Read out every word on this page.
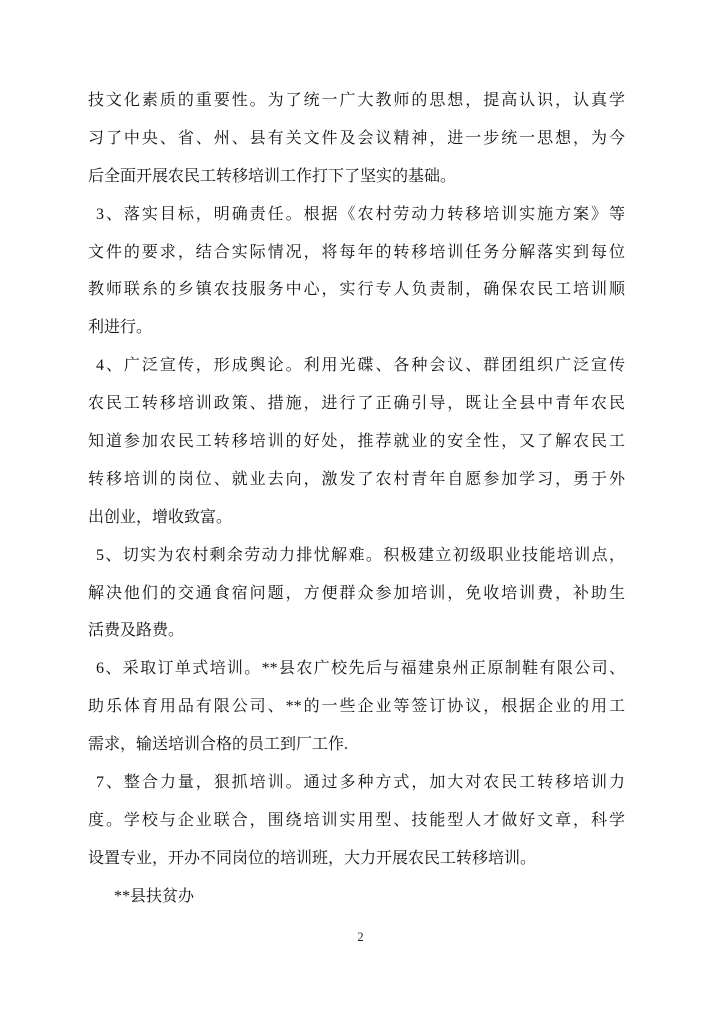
技文化素质的重要性。为了统一广大教师的思想，提高认识，认真学
习了中央、省、州、县有关文件及会议精神，进一步统一思想，为今
后全面开展农民工转移培训工作打下了坚实的基础。
3、落实目标，明确责任。根据《农村劳动力转移培训实施方案》等
文件的要求，结合实际情况，将每年的转移培训任务分解落实到每位
教师联糸的乡镇农技服务中心，实行专人负责制，确保农民工培训顺
利进行。
4、广泛宣传，形成舆论。利用光碟、各种会议、群团组织广泛宣传
农民工转移培训政策、措施，进行了正确引导，既让全县中青年农民
知道参加农民工转移培训的好处，推荐就业的安全性，又了解农民工
转移培训的岗位、就业去向，激发了农村青年自愿参加学习，勇于外
出创业，增收致富。
5、切实为农村剩余劳动力排忧解难。积极建立初级职业技能培训点，
解决他们的交通食宿问题，方便群众参加培训，免收培训费，补助生
活费及路费。
6、采取订单式培训。**县农广校先后与福建泉州正原制鞋有限公司、
助乐体育用品有限公司、**的一些企业等签订协议，根据企业的用工
需求，输送培训合格的员工到厂工作.
7、整合力量，狠抓培训。通过多种方式，加大对农民工转移培训力
度。学校与企业联合，围绕培训实用型、技能型人才做好文章，科学
设置专业，开办不同岗位的培训班，大力开展农民工转移培训。
**县扶贫办
2
